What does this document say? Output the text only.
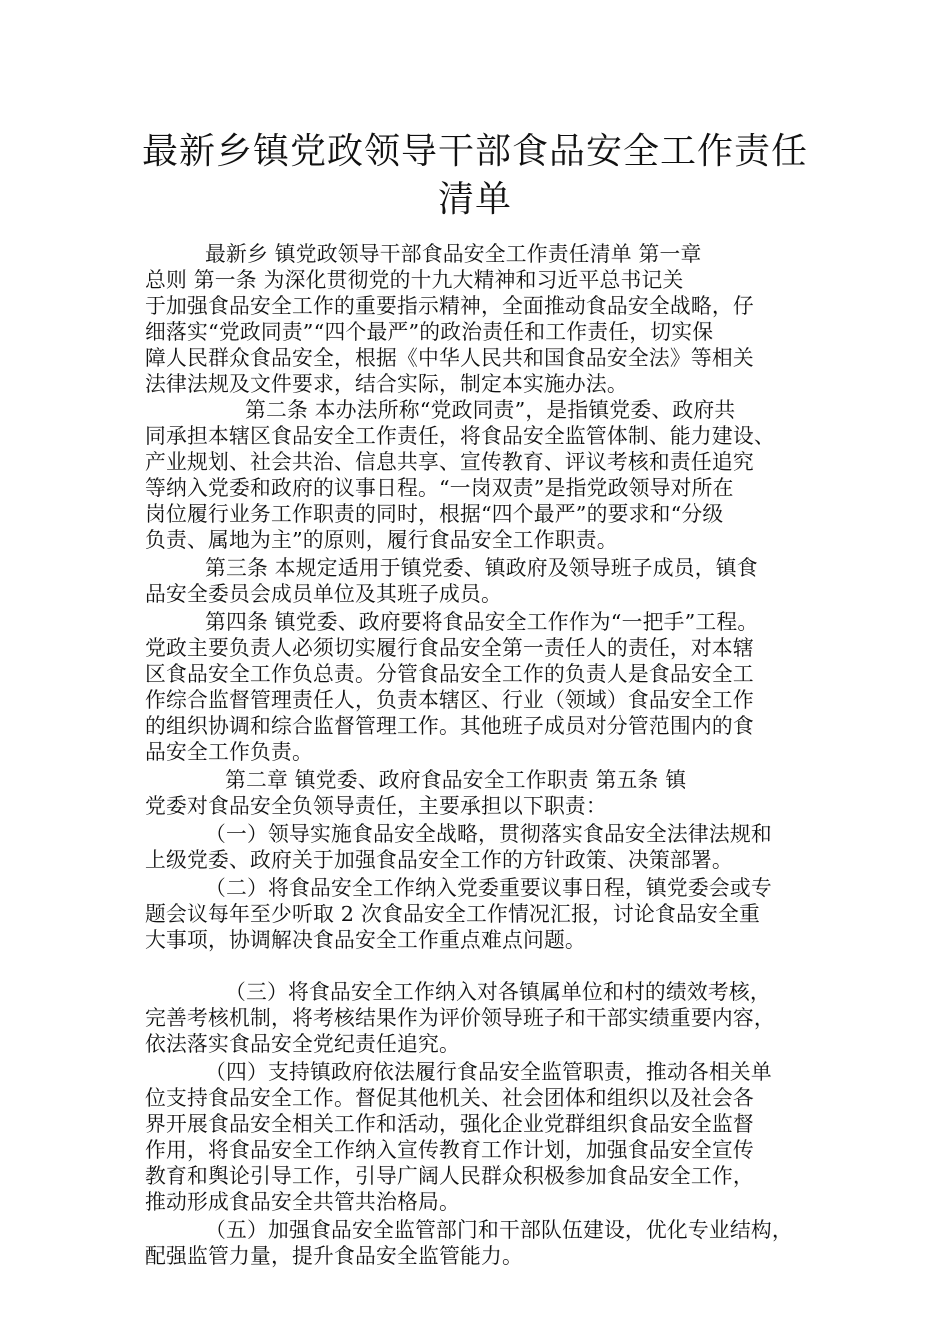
最新乡镇党政领导干部食品安全工作责任
清单
最新乡 镇党政领导干部食品安全工作责任清单 第一章
总则 第一条 为深化贯彻党的十九大精神和习近平总书记关
于加强食品安全工作的重要指示精神，全面推动食品安全战略，仔
细落实“党政同责”“四个最严”的政治责任和工作责任，切实保
障人民群众食品安全，根据《中华人民共和国食品安全法》等相关
法律法规及文件要求，结合实际，制定本实施办法。
第二条 本办法所称“党政同责”，是指镇党委、政府共
同承担本辖区食品安全工作责任，将食品安全监管体制、能力建设、
产业规划、社会共治、信息共享、宣传教育、评议考核和责任追究
等纳入党委和政府的议事日程。“一岗双责”是指党政领导对所在
岗位履行业务工作职责的同时，根据“四个最严”的要求和“分级
负责、属地为主”的原则，履行食品安全工作职责。
第三条 本规定适用于镇党委、镇政府及领导班子成员，镇食
品安全委员会成员单位及其班子成员。
第四条 镇党委、政府要将食品安全工作作为“一把手”工程。
党政主要负责人必须切实履行食品安全第一责任人的责任，对本辖
区食品安全工作负总责。分管食品安全工作的负责人是食品安全工
作综合监督管理责任人，负责本辖区、行业（领域）食品安全工作
的组织协调和综合监督管理工作。其他班子成员对分管范围内的食
品安全工作负责。
第二章 镇党委、政府食品安全工作职责 第五条 镇
党委对食品安全负领导责任，主要承担以下职责：
（一）领导实施食品安全战略，贯彻落实食品安全法律法规和
上级党委、政府关于加强食品安全工作的方针政策、决策部署。
（二）将食品安全工作纳入党委重要议事日程，镇党委会或专
题会议每年至少听取 2 次食品安全工作情况汇报，讨论食品安全重
大事项，协调解决食品安全工作重点难点问题。
（三）将食品安全工作纳入对各镇属单位和村的绩效考核，
完善考核机制，将考核结果作为评价领导班子和干部实绩重要内容，
依法落实食品安全党纪责任追究。
（四）支持镇政府依法履行食品安全监管职责，推动各相关单
位支持食品安全工作。督促其他机关、社会团体和组织以及社会各
界开展食品安全相关工作和活动，强化企业党群组织食品安全监督
作用，将食品安全工作纳入宣传教育工作计划，加强食品安全宣传
教育和舆论引导工作，引导广阔人民群众积极参加食品安全工作，
推动形成食品安全共管共治格局。
（五）加强食品安全监管部门和干部队伍建设，优化专业结构，
配强监管力量，提升食品安全监管能力。
